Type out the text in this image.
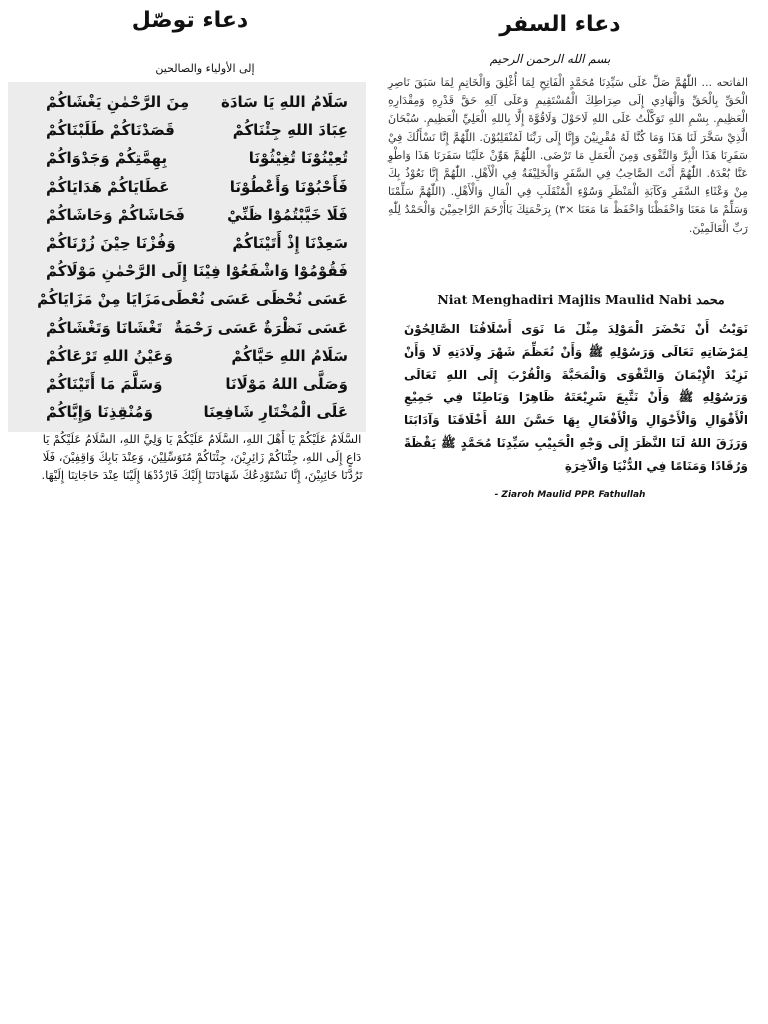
دعاء توصّل
إلى الأولياء والصالحين
سَلَامُ اللهِ يَا سَادَة
مِنَ الرَّحْمٰنِ يَغْشَاكُمْ
عِبَادَ اللهِ جِئْنَاكُمْ
قَصَدْنَاكُمْ طَلَبْنَاكُمْ
تُعِيْنُوْنَا تُغِيْثُوْنَا
بِهِمَّتِكُمْ وَجَدْوَاكُمْ
فَأَحْبُوْنَا وَأَعْطُوْنَا
عَطَايَاكُمْ هَدَايَاكُمْ
فَلَا خَيَّبْتُمُوْا ظَنِّيْ
فَحَاشَاكُمْ وَحَاشَاكُمْ
سَعِدْنَا إِذْ أَتَيْنَاكُمْ
وَفُزْنَا حِيْنَ زُرْنَاكُمْ
فَقُوْمُوْا وَاشْفَعُوْا فِيْنَا
إِلَى الرَّحْمٰنِ مَوْلَاكُمْ
عَسَى نُحْظَى عَسَى نُعْطَى
مَزَايَا مِنْ مَزَايَاكُمْ
عَسَى نَظْرَةٌ عَسَى رَحْمَةٌ
تَغْشَانَا وَتَغْشَاكُمْ
سَلَامُ اللهِ حَيَّاكُمْ
وَعَيْنُ اللهِ تَرْعَاكُمْ
وَصَلَّى اللهُ مَوْلَانَا
وَسَلَّمَ مَا أَتَيْنَاكُمْ
عَلَى الْمُخْتَارِ شَافِعِنَا
وَمُنْقِذِنَا وَإِيَّاكُمْ
السَّلَامُ عَلَيْكُمْ يَا أَهْلَ اللهِ، السَّلَامُ عَلَيْكُمْ يَا وَلِيَّ اللهِ، السَّلَامُ عَلَيْكُمْ يَا دَاعٍ إِلَى اللهِ، جِئْنَاكُمْ زَائِرِيْنَ، جِئْنَاكُمْ مُتَوَسِّلِيْنَ، وَعِنْدَ بَابِكَ وَاقِفِيْنَ، فَلَا تَرُدَّنَا خَائِبِيْنَ، إِنَّا نَسْتَوْدِعُكَ شَهَادَتَنَا إِلَيْكَ فَارْدُدْهَا إِلَيْنَا عِنْدَ حَاجَاتِنَا إِلَيْهَا.
دعاء السفر
بسم الله الرحمن الرحيم
الفاتحه ... اللّٰهُمَّ صَلِّ عَلَى سَيِّدِنَا مُحَمَّدٍ الْفَاتِحِ لِمَا أُغْلِقَ وَالْخَاتِمِ لِمَا سَبَقَ نَاصِرِ الْحَقِّ بِالْحَقِّ وَالْهَادِي إِلَى صِرَاطِكَ الْمُسْتَقِيمِ وَعَلَى آلِهِ حَقَّ قَدْرِهِ وَمِقْدَارِهِ الْعَظِيمِ. بِسْمِ اللهِ تَوَكَّلْتُ عَلَى اللهِ لَاحَوْلَ وَلَاقُوَّةَ إِلَّا بِاللهِ الْعَلِيِّ الْعَظِيمِ. سُبْحَانَ الَّذِيْ سَخَّرَ لَنَا هَذَا وَمَا كُنَّا لَهُ مُقْرِنِيْنَ وَإِنَّا إِلَى رَبِّنَا لَمُنْقَلِبُوْنَ. اللّٰهُمَّ إِنَّا نَسْأَلُكَ فِيْ سَفَرِنَا هَذَا الْبِرَّ وَالتَّقْوَى وَمِنَ الْعَمَلِ مَا تَرْضَى. اللّٰهُمَّ هَوِّنْ عَلَيْنَا سَفَرَنَا هَذَا وَاطْوِ عَنَّا بُعْدَهُ. اللّٰهُمَّ أَنْتَ الصَّاحِبُ فِي السَّفَرِ وَالْخَلِيْفَةُ فِي الْأَهْلِ. اللّٰهُمَّ إِنَّا نَعُوْذُ بِكَ مِنْ وَعْثَاءِ السَّفَرِ وَكَآبَةِ الْمَنْظَرِ وَسُوْءِ الْمُنْقَلَبِ فِي الْمَالِ وَالْأَهْلِ. (اللّٰهُمَّ سَلِّمْنَا وَسَلِّمْ مَا مَعَنَا وَاحْفَظْنَا وَاحْفَظْ مَا مَعَنَا ×٣) بِرَحْمَتِكَ يَاأَرْحَمَ الرَّاحِمِيْنَ وَالْحَمْدُ لِلّٰهِ رَبِّ الْعَالَمِيْنَ.
Niat Menghadiri Majlis Maulid Nabi محمد
نَوَيْتُ أَنْ نَحْضَرَ الْمَوْلِدَ مِثْلَ مَا نَوَى أَسْلَافُنَا الصَّالِحُوْنَ لِمَرْضَاتِهِ تَعَالَى وَرَسُوْلِهِ ﷺ وَأَنْ نُعَظِّمَ شَهْرَ وِلَادَتِهِ لَا وَأَنْ نَزِيْدَ الْإِيْمَانَ وَالتَّقْوَى وَالْمَحَبَّةَ وَالْقُرْبَ إِلَى اللهِ تَعَالَى وَرَسُوْلِهِ ﷺ وَأَنْ نَتَّبِعَ شَرِيْعَتَهُ ظَاهِرًا وَبَاطِنًا فِي جَمِيْعِ الْأَقْوَالِ وَالْأَحْوَالِ وَالْأَفْعَالِ بِهَا حَسَّنَ اللهُ أَخْلَاقَنَا وَآدَابَنَا وَرَزَقَ اللهُ لَنَا النَّظَرَ إِلَى وَجْهِ الْحَبِيْبِ سَيِّدِنَا مُحَمَّدٍ ﷺ يَقْظَةً وَرُقَادًا وَمَنَامًا فِي الدُّنْيَا وَالْآخِرَةِ
- Ziaroh Maulid PPP. Fathullah
